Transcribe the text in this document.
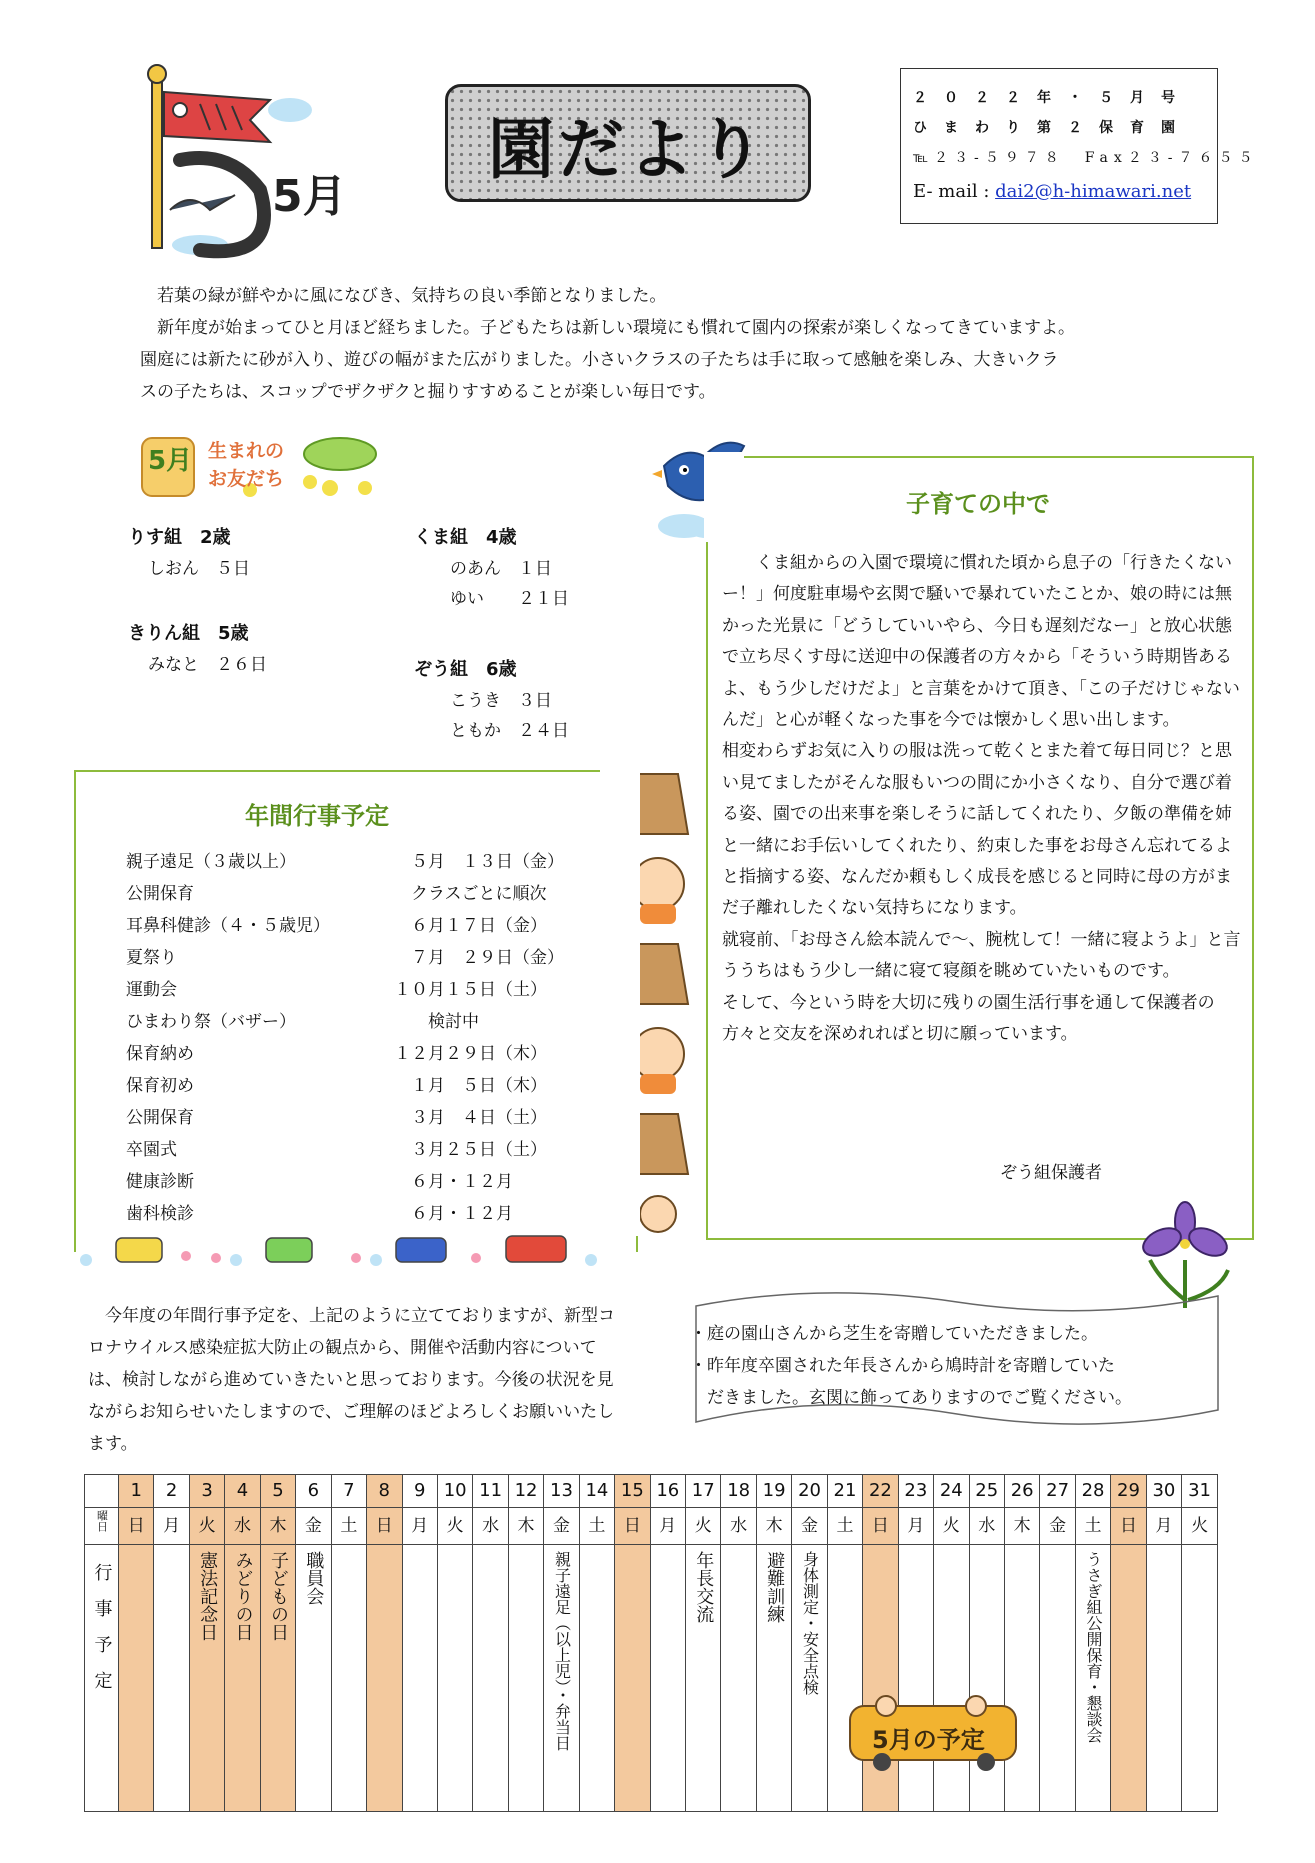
5月
園だより
２０２２年・５月号
ひまわり第２保育園
℡２３-５９７８　Fax２３-７６５５
E- mail : dai2@h-himawari.net

　若葉の緑が鮮やかに風になびき、気持ちの良い季節となりました。

　新年度が始まってひと月ほど経ちました。子どもたちは新しい環境にも慣れて園内の探索が楽しくなってきていますよ。

園庭には新たに砂が入り、遊びの幅がまた広がりました。小さいクラスの子たちは手に取って感触を楽しみ、大きいクラ

スの子たちは、スコップでザクザクと掘りすすめることが楽しい毎日です。

5月 生まれの
お友だち
りす組　2歳
しおん　５日
きりん組　5歳
みなと　２６日
くま組　4歳
のあん　１日
ゆい　　２１日
ぞう組　6歳
こうき　３日
ともか　２４日
子育ての中で

　　くま組からの入園で環境に慣れた頃から息子の「行きたくないー！」何度駐車場や玄関で騒いで暴れていたことか、娘の時には無かった光景に「どうしていいやら、今日も遅刻だなー」と放心状態で立ち尽くす母に送迎中の保護者の方々から「そういう時期皆あるよ、もう少しだけだよ」と言葉をかけて頂き、「この子だけじゃないんだ」と心が軽くなった事を今では懐かしく思い出します。

相変わらずお気に入りの服は洗って乾くとまた着て毎日同じ？と思い見てましたがそんな服もいつの間にか小さくなり、自分で選び着る姿、園での出来事を楽しそうに話してくれたり、夕飯の準備を姉と一緒にお手伝いしてくれたり、約束した事をお母さん忘れてるよと指摘する姿、なんだか頼もしく成長を感じると同時に母の方がまだ子離れしたくない気持ちになります。

就寝前、「お母さん絵本読んで～、腕枕して！一緒に寝ようよ」と言ううちはもう少し一緒に寝て寝顔を眺めていたいものです。

そして、今という時を大切に残りの園生活行事を通して保護者の方々と交友を深めれればと切に願っています。

ぞう組保護者
年間行事予定
親子遠足（３歳以上）	　５月　１３日（金）
公開保育	　クラスごとに順次
耳鼻科健診（４・５歳児）	　６月１７日（金）
夏祭り	　７月　２９日（金）
運動会	１０月１５日（土）
ひまわり祭（バザー）	　　検討中
保育納め	１２月２９日（木）
保育初め	　１月　５日（木）
公開保育	　３月　４日（土）
卒園式	　３月２５日（土）
健康診断	　６月・１２月
歯科検診	　６月・１２月

　今年度の年間行事予定を、上記のように立てておりますが、新型コ

ロナウイルス感染症拡大防止の観点から、開催や活動内容について

は、検討しながら進めていきたいと思っております。今後の状況を見

ながらお知らせいたしますので、ご理解のほどよろしくお願いいたし

ます。

・庭の園山さんから芝生を寄贈していただきました。

・昨年度卒園された年長さんから鳩時計を寄贈していた

　だきました。玄関に飾ってありますのでご覧ください。

	1	2	3	4	5	6	7	8	9	10	11	12	13	14	15	16	17	18	19	20	21	22	23	24	25	26	27	28	29	30	31

曜日	日	月	火	水	木	金	土	日	月	火	水	木	金	土	日	月	火	水	木	金	土	日	月	火	水	木	金	土	日	月	火

行事予定			憲法記念日	みどりの日	子どもの日	職員会							親子遠足（以上児）・弁当日				年長交流		避難訓練	身体測定・安全点検								うさぎ組公開保育・懇談会			

5月の予定
